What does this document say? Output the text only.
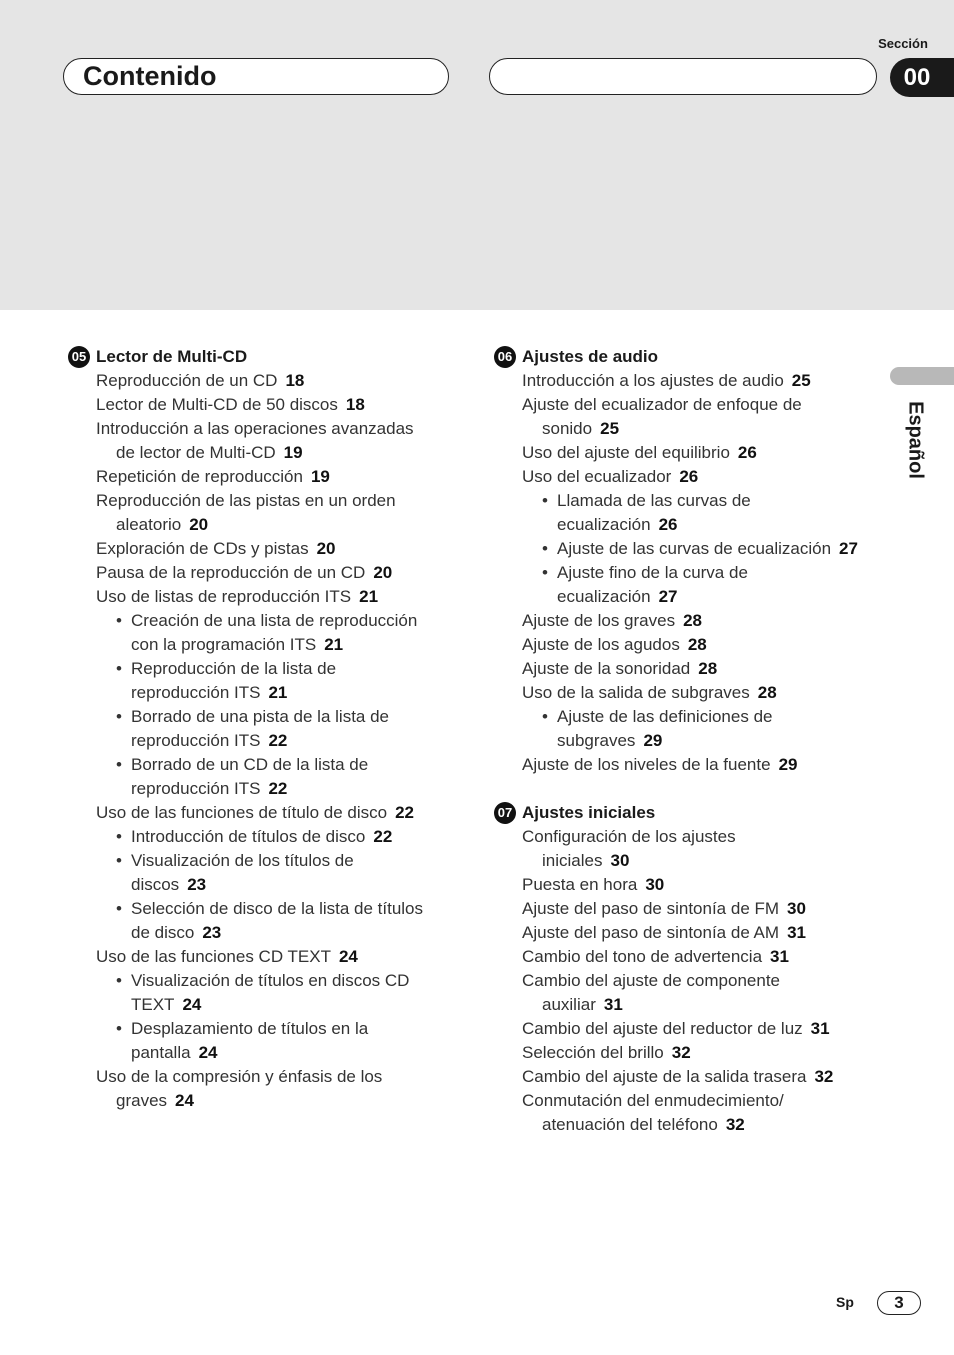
Sección
Contenido	00
Español
05 Lector de Multi-CD
Reproducción de un CD 18
Lector de Multi-CD de 50 discos 18
Introducción a las operaciones avanzadas
de lector de Multi-CD 19
Repetición de reproducción 19
Reproducción de las pistas en un orden
aleatorio 20
Exploración de CDs y pistas 20
Pausa de la reproducción de un CD 20
Uso de listas de reproducción ITS 21
• Creación de una lista de reproducción
con la programación ITS 21
• Reproducción de la lista de
reproducción ITS 21
• Borrado de una pista de la lista de
reproducción ITS 22
• Borrado de un CD de la lista de
reproducción ITS 22
Uso de las funciones de título de disco 22
• Introducción de títulos de disco 22
• Visualización de los títulos de
discos 23
• Selección de disco de la lista de títulos
de disco 23
Uso de las funciones CD TEXT 24
• Visualización de títulos en discos CD
TEXT 24
• Desplazamiento de títulos en la
pantalla 24
Uso de la compresión y énfasis de los
graves 24
06 Ajustes de audio
Introducción a los ajustes de audio 25
Ajuste del ecualizador de enfoque de
sonido 25
Uso del ajuste del equilibrio 26
Uso del ecualizador 26
• Llamada de las curvas de
ecualización 26
• Ajuste de las curvas de ecualización 27
• Ajuste fino de la curva de
ecualización 27
Ajuste de los graves 28
Ajuste de los agudos 28
Ajuste de la sonoridad 28
Uso de la salida de subgraves 28
• Ajuste de las definiciones de
subgraves 29
Ajuste de los niveles de la fuente 29
07 Ajustes iniciales
Configuración de los ajustes
iniciales 30
Puesta en hora 30
Ajuste del paso de sintonía de FM 30
Ajuste del paso de sintonía de AM 31
Cambio del tono de advertencia 31
Cambio del ajuste de componente
auxiliar 31
Cambio del ajuste del reductor de luz 31
Selección del brillo 32
Cambio del ajuste de la salida trasera 32
Conmutación del enmudecimiento/
atenuación del teléfono 32
Sp	3
